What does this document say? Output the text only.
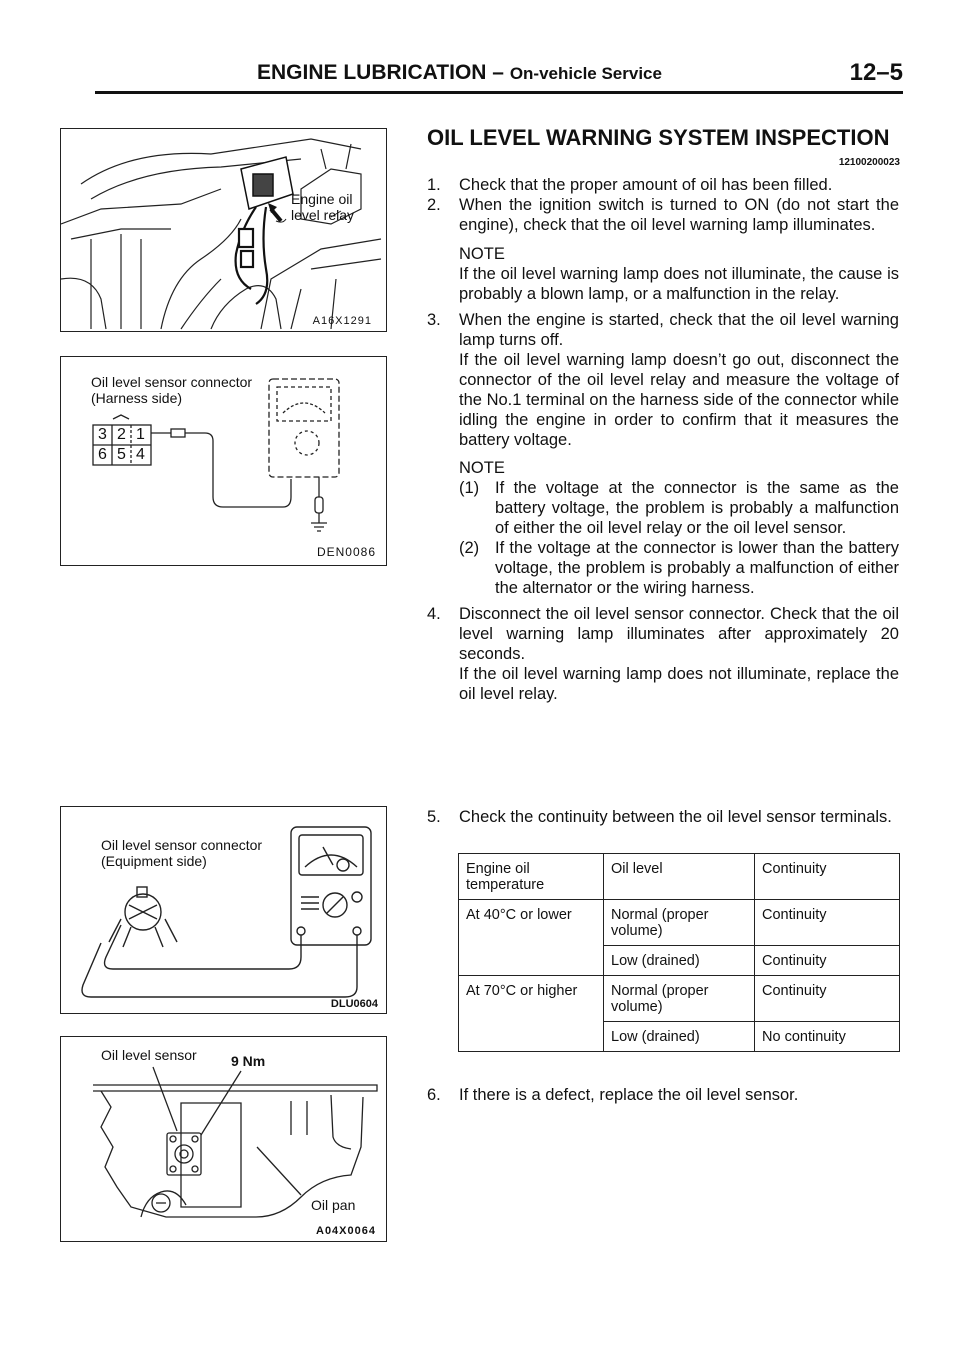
ENGINE LUBRICATION – On-vehicle Service	12–5
Engine oil
level relay
A16X1291
Oil level sensor connector
(Harness side)
3 2 1
6 5 4
DEN0086
Oil level sensor connector
(Equipment side)
DLU0604
Oil level sensor 9 Nm
Oil pan
A04X0064
OIL LEVEL WARNING SYSTEM INSPECTION
12100200023
1. Check that the proper amount of oil has been filled.
2. When the ignition switch is turned to ON (do not start the engine), check that the oil level warning lamp illuminates.
NOTE
If the oil level warning lamp does not illuminate, the cause is probably a blown lamp, or a malfunction in the relay.
3. When the engine is started, check that the oil level warning lamp turns off.
If the oil level warning lamp doesn’t go out, disconnect the connector of the oil level relay and measure the voltage of the No.1 terminal on the harness side of the connector while idling the engine in order to confirm that it measures the battery voltage.
NOTE
(1) If the voltage at the connector is the same as the battery voltage, the problem is probably a malfunction of either the oil level relay or the oil level sensor.
(2) If the voltage at the connector is lower than the battery voltage, the problem is probably a malfunction of either the alternator or the wiring harness.
4. Disconnect the oil level sensor connector. Check that the oil level warning lamp illuminates after approximately 20 seconds.
If the oil level warning lamp does not illuminate, replace the oil level relay.
5. Check the continuity between the oil level sensor terminals.
Engine oil temperature	Oil level	Continuity
At 40°C or lower	Normal (proper volume)	Continuity
	Low (drained)	Continuity
At 70°C or higher	Normal (proper volume)	Continuity
	Low (drained)	No continuity
6. If there is a defect, replace the oil level sensor.
